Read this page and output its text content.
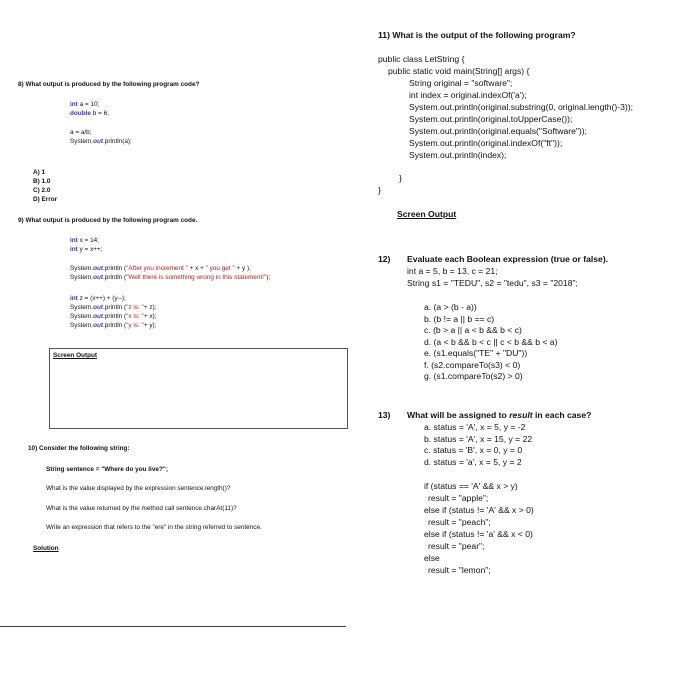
8) What output is produced by the following program code?
int a = 10;
double b = 6;
a = a/b;
System.out.println(a);
A) 1
B) 1.0
C) 2.0
D) Error
9) What output is produced by the following program code.
int x = 14;
int y = x++;
System.out.println ("After you increment " + x + " you get " + y );
System.out.println ("Well there is something wrong in this statement!");
int z = (x++) + (y--);
System.out.println ("z is: "+ z);
System.out.println ("x is: "+ x);
System.out.println ("y is: "+ y);
Screen Output
10) Consider the following string:
String sentence = "Where do you live?";
What is the value displayed by the expression sentence.length()?
What is the value returned by the method call sentence.charAt(11)?
Write an expression that refers to the "ere" in the string referred to sentence.
Solution
11) What is the output of the following program?
public class LetString {
public static void main(String[] args) {
String original = "software";
int index = original.indexOf('a');
System.out.println(original.substring(0, original.length()-3));
System.out.println(original.toUpperCase());
System.out.println(original.equals("Software"));
System.out.println(original.indexOf("ft"));
System.out.println(index);
}
}
Screen Output
12) Evaluate each Boolean expression (true or false).
int a = 5, b = 13, c = 21;
String s1 = "TEDU", s2 = "tedu", s3 = "2018";
a. (a > (b - a))
b. (b != a || b == c)
c. (b > a || a < b && b < c)
d. (a < b && b < c || c < b && b < a)
e. (s1.equals("TE" + "DU"))
f. (s2.compareTo(s3) < 0)
g. (s1.compareTo(s2) > 0)
13) What will be assigned to result in each case?
a. status = 'A', x = 5, y = -2
b. status = 'A', x = 15, y = 22
c. status = 'B', x = 0, y = 0
d. status = 'a', x = 5, y = 2
if (status == 'A' && x > y)
result = "apple";
else if (status != 'A' && x > 0)
result = "peach";
else if (status != 'a' && x < 0)
result = "pear";
else
result = "lemon";
